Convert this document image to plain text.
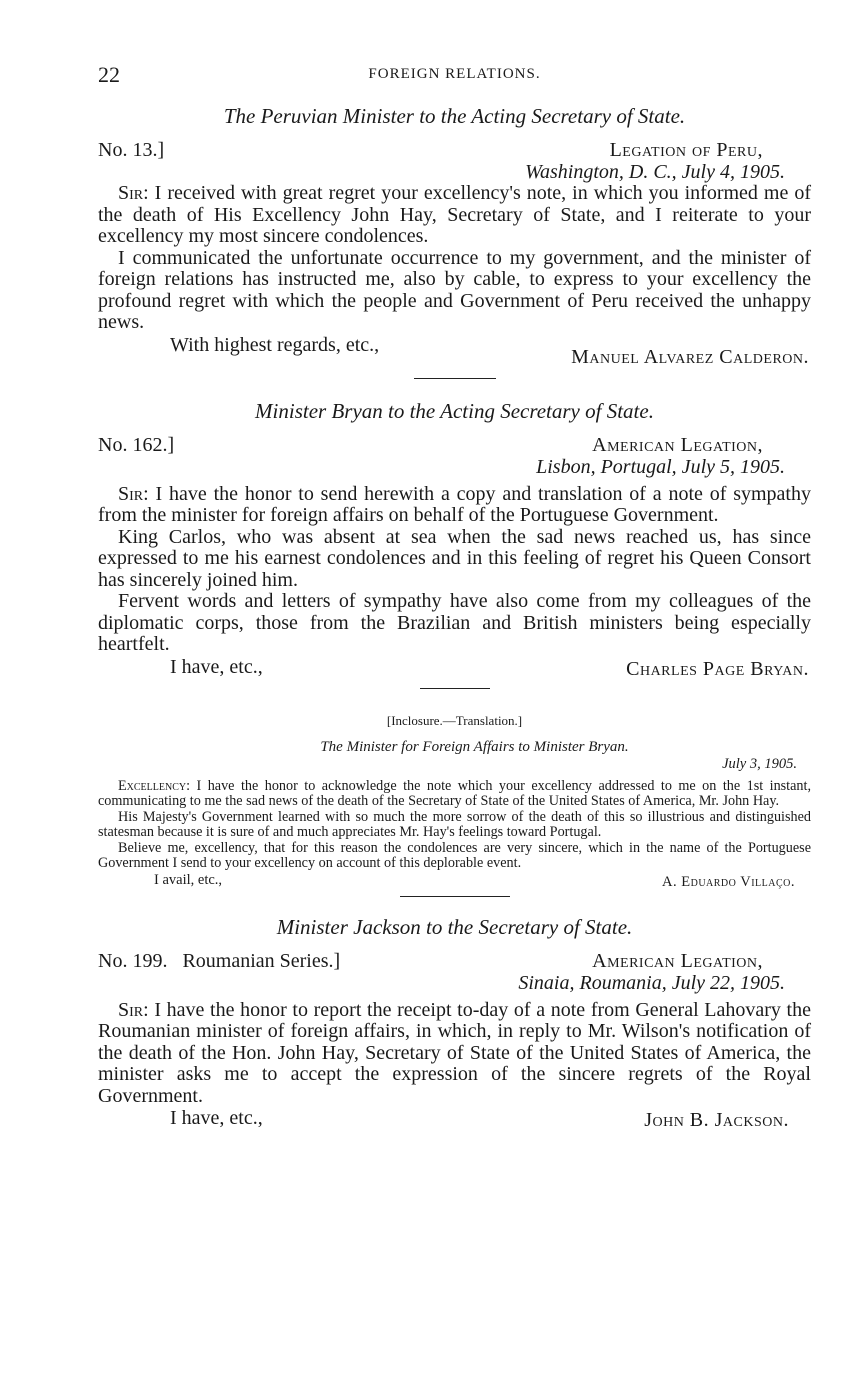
22	FOREIGN RELATIONS.
The Peruvian Minister to the Acting Secretary of State.
No. 13.]	Legation of Peru,
Washington, D. C., July 4, 1905.

Sir: I received with great regret your excellency's note, in which you informed me of the death of His Excellency John Hay, Secretary of State, and I reiterate to your excellency my most sincere condolences.

I communicated the unfortunate occurrence to my government, and the minister of foreign relations has instructed me, also by cable, to express to your excellency the profound regret with which the people and Government of Peru received the unhappy news.

With highest regards, etc.,
Manuel Alvarez Calderon.
Minister Bryan to the Acting Secretary of State.
No. 162.]	American Legation,
Lisbon, Portugal, July 5, 1905.

Sir: I have the honor to send herewith a copy and translation of a note of sympathy from the minister for foreign affairs on behalf of the Portuguese Government.

King Carlos, who was absent at sea when the sad news reached us, has since expressed to me his earnest condolences and in this feeling of regret his Queen Consort has sincerely joined him.

Fervent words and letters of sympathy have also come from my colleagues of the diplomatic corps, those from the Brazilian and British ministers being especially heartfelt.

I have, etc.,	Charles Page Bryan.
[Inclosure.—Translation.]
The Minister for Foreign Affairs to Minister Bryan.
July 3, 1905.

Excellency: I have the honor to acknowledge the note which your excellency addressed to me on the 1st instant, communicating to me the sad news of the death of the Secretary of State of the United States of America, Mr. John Hay.

His Majesty's Government learned with so much the more sorrow of the death of this so illustrious and distinguished statesman because it is sure of and much appreciates Mr. Hay's feelings toward Portugal.

Believe me, excellency, that for this reason the condolences are very sincere, which in the name of the Portuguese Government I send to your excellency on account of this deplorable event.

I avail, etc.,	A. Eduardo Villaço.
Minister Jackson to the Secretary of State.
No. 199.   Roumanian Series.]	American Legation,
Sinaia, Roumania, July 22, 1905.

Sir: I have the honor to report the receipt to-day of a note from General Lahovary the Roumanian minister of foreign affairs, in which, in reply to Mr. Wilson's notification of the death of the Hon. John Hay, Secretary of State of the United States of America, the minister asks me to accept the expression of the sincere regrets of the Royal Government.

I have, etc.,	John B. Jackson.
